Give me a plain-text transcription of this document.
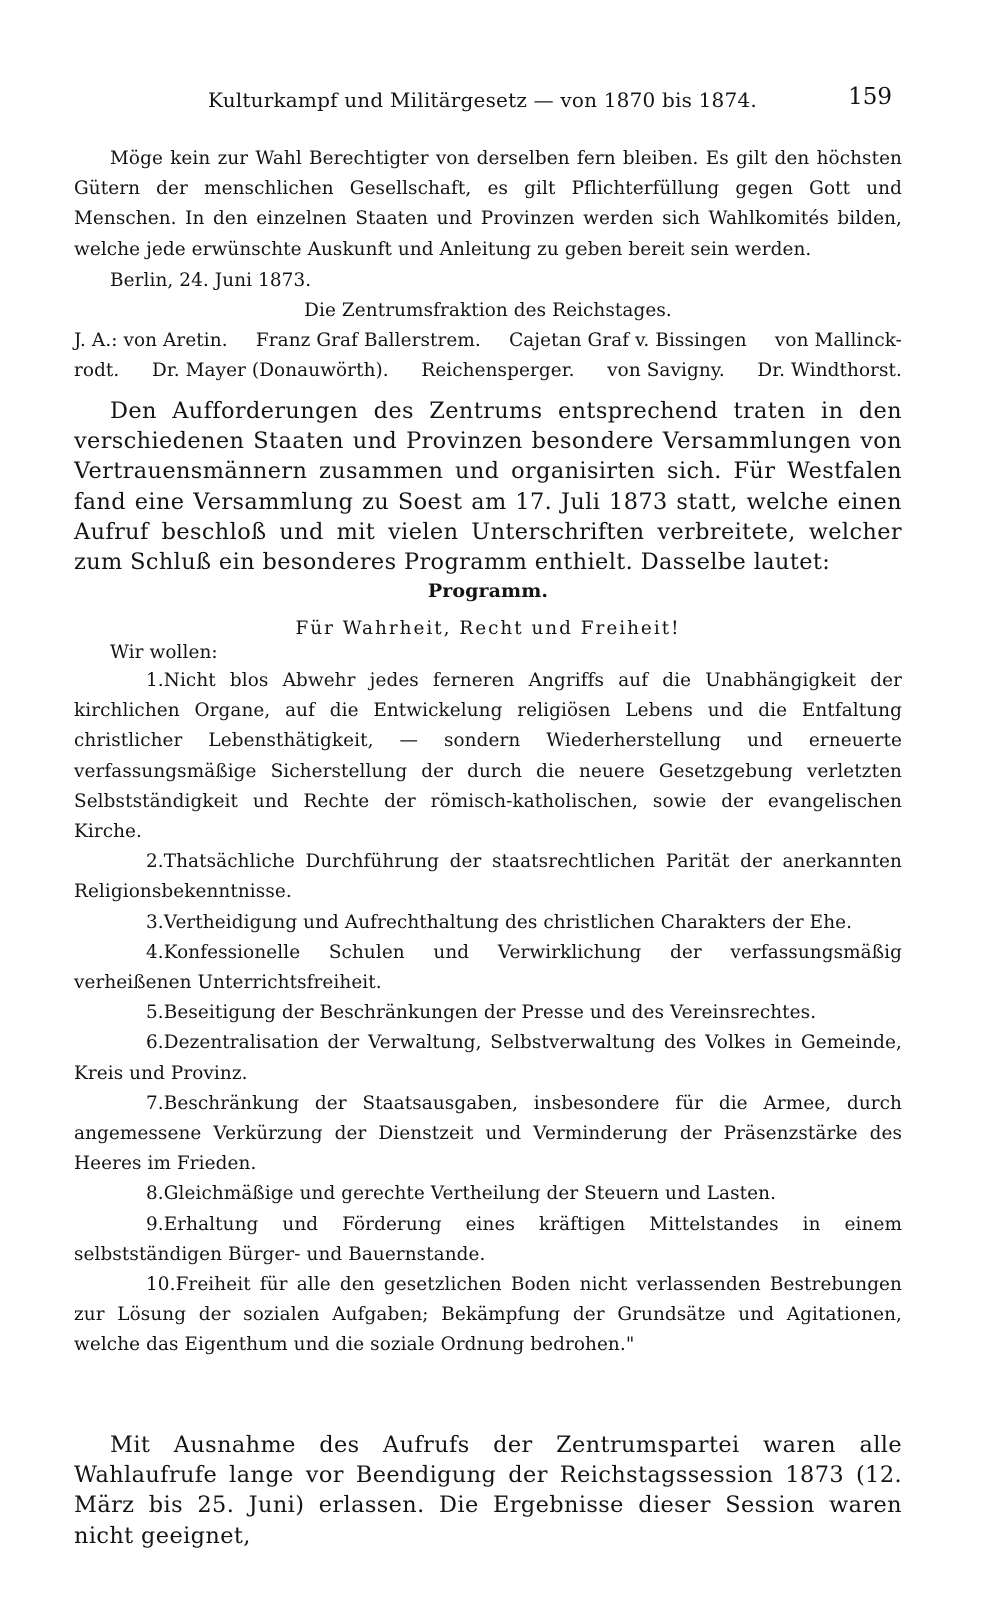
Kulturkampf und Militärgesetz — von 1870 bis 1874.	159

Möge kein zur Wahl Berechtigter von derselben fern bleiben. Es gilt den höchsten Gütern der menschlichen Gesellschaft, es gilt Pflichterfüllung gegen Gott und Menschen. In den einzelnen Staaten und Provinzen werden sich Wahlkomités bilden, welche jede erwünschte Auskunft und Anleitung zu geben bereit sein werden.

Berlin, 24. Juni 1873.

Die Zentrumsfraktion des Reichstages.

J. A.: von Aretin. Franz Graf Ballerstrem. Cajetan Graf v. Bissingen von Mallinck-
rodt. Dr. Mayer (Donauwörth). Reichensperger. von Savigny. Dr. Windthorst.

Den Aufforderungen des Zentrums entsprechend traten in den verschiedenen Staaten und Provinzen besondere Versammlungen von Vertrauensmännern zusammen und organisirten sich. Für Westfalen fand eine Versammlung zu Soest am 17. Juli 1873 statt, welche einen Aufruf beschloß und mit vielen Unterschriften verbreitete, welcher zum Schluß ein besonderes Programm enthielt. Dasselbe lautet:

Programm.

Für Wahrheit, Recht und Freiheit!

Wir wollen:

1.Nicht blos Abwehr jedes ferneren Angriffs auf die Unabhängigkeit der kirchlichen Organe, auf die Entwickelung religiösen Lebens und die Entfaltung christlicher Lebensthätigkeit, — sondern Wiederherstellung und erneuerte verfassungsmäßige Sicherstellung der durch die neuere Gesetzgebung verletzten Selbstständigkeit und Rechte der römisch-katholischen, sowie der evangelischen Kirche.

2.Thatsächliche Durchführung der staatsrechtlichen Parität der anerkannten Religionsbekenntnisse.

3.Vertheidigung und Aufrechthaltung des christlichen Charakters der Ehe.

4.Konfessionelle Schulen und Verwirklichung der verfassungsmäßig verheißenen Unterrichtsfreiheit.

5.Beseitigung der Beschränkungen der Presse und des Vereinsrechtes.

6.Dezentralisation der Verwaltung, Selbstverwaltung des Volkes in Gemeinde, Kreis und Provinz.

7.Beschränkung der Staatsausgaben, insbesondere für die Armee, durch angemessene Verkürzung der Dienstzeit und Verminderung der Präsenzstärke des Heeres im Frieden.

8.Gleichmäßige und gerechte Vertheilung der Steuern und Lasten.

9.Erhaltung und Förderung eines kräftigen Mittelstandes in einem selbstständigen Bürger- und Bauernstande.

10.Freiheit für alle den gesetzlichen Boden nicht verlassenden Bestrebungen zur Lösung der sozialen Aufgaben; Bekämpfung der Grundsätze und Agitationen, welche das Eigenthum und die soziale Ordnung bedrohen."

Mit Ausnahme des Aufrufs der Zentrumspartei waren alle Wahlaufrufe lange vor Beendigung der Reichstagssession 1873 (12. März bis 25. Juni) erlassen. Die Ergebnisse dieser Session waren nicht geeignet,
